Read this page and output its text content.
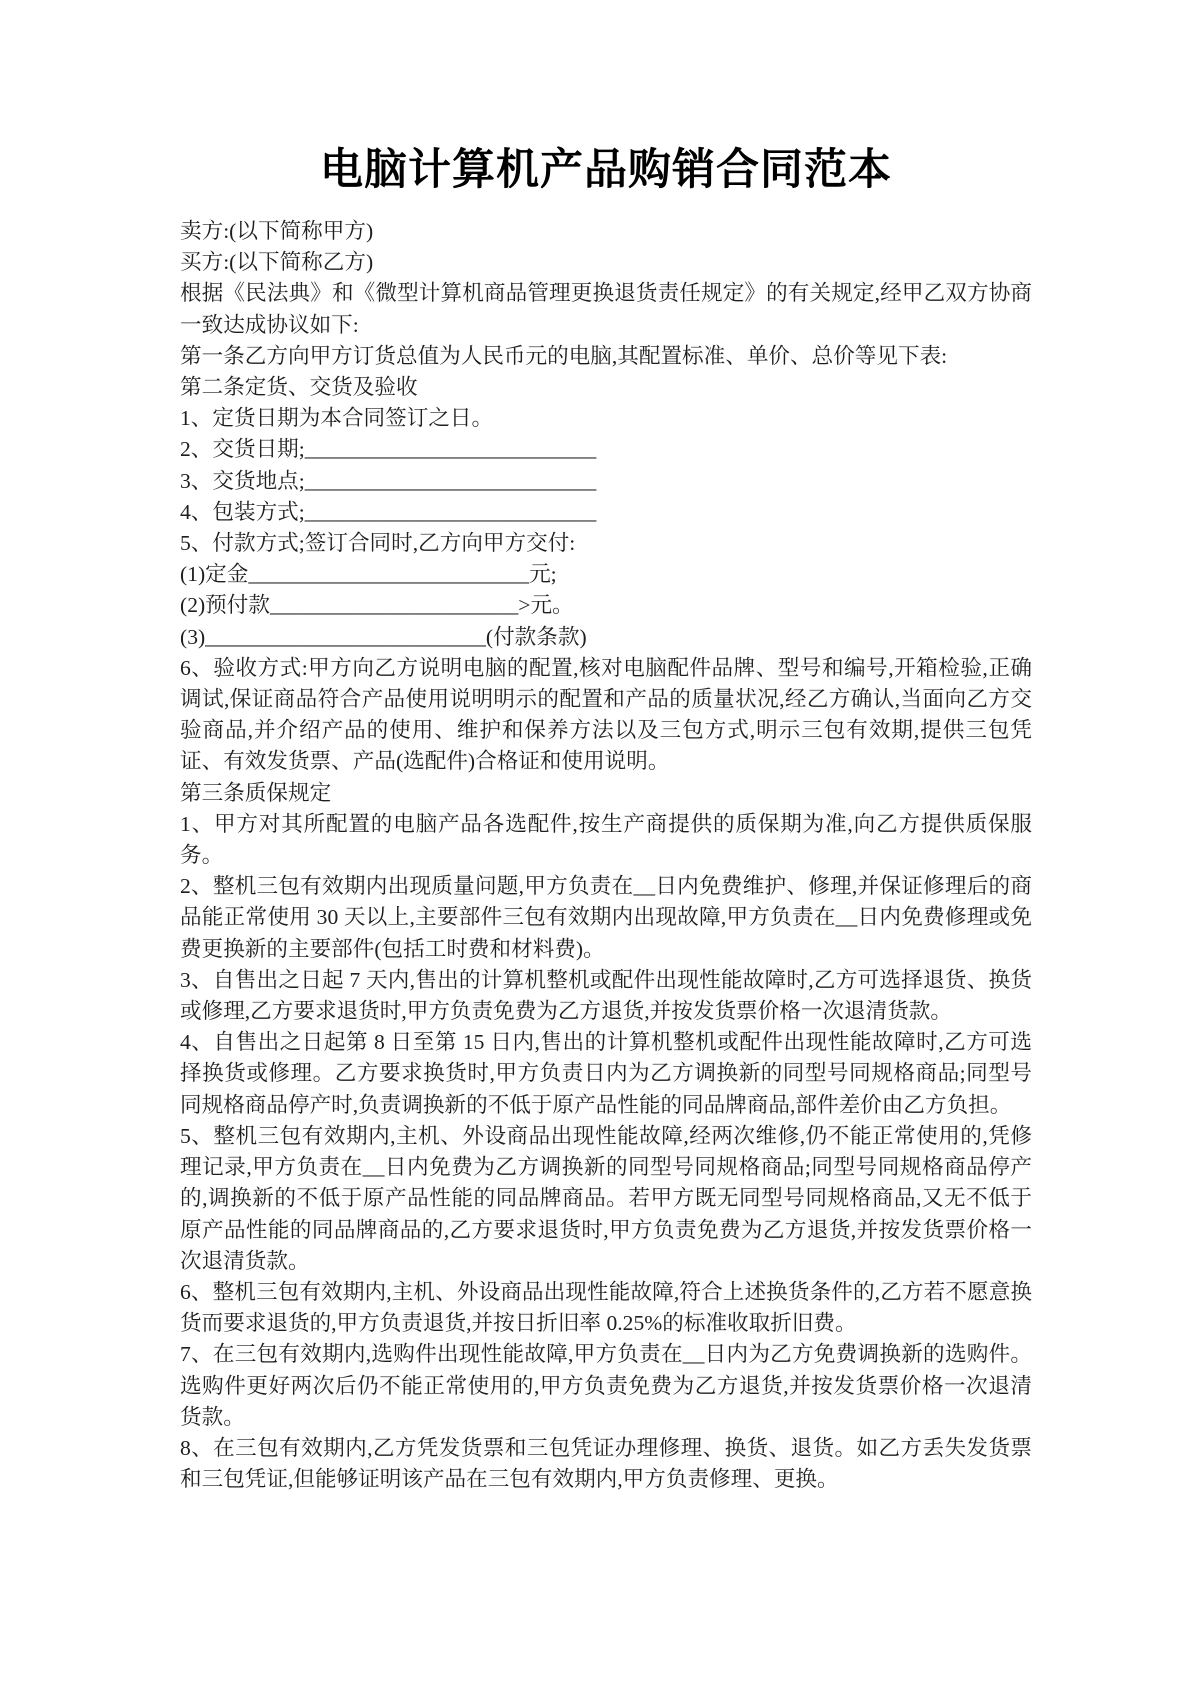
电脑计算机产品购销合同范本

卖方:(以下简称甲方)

买方:(以下简称乙方)

根据《民法典》和《微型计算机商品管理更换退货责任规定》的有关规定,经甲乙双方协商一致达成协议如下:

第一条乙方向甲方订货总值为人民币元的电脑,其配置标准、单价、总价等见下表:

第二条定货、交货及验收

1、定货日期为本合同签订之日。

2、交货日期;___________________________

3、交货地点;___________________________

4、包装方式;___________________________

5、付款方式;签订合同时,乙方向甲方交付:

(1)定金__________________________元;

(2)预付款_______________________>元。

(3)__________________________(付款条款)

6、验收方式:甲方向乙方说明电脑的配置,核对电脑配件品牌、型号和编号,开箱检验,正确调试,保证商品符合产品使用说明明示的配置和产品的质量状况,经乙方确认,当面向乙方交验商品,并介绍产品的使用、维护和保养方法以及三包方式,明示三包有效期,提供三包凭证、有效发货票、产品(选配件)合格证和使用说明。

第三条质保规定

1、甲方对其所配置的电脑产品各选配件,按生产商提供的质保期为准,向乙方提供质保服务。

2、整机三包有效期内出现质量问题,甲方负责在__日内免费维护、修理,并保证修理后的商品能正常使用 30 天以上,主要部件三包有效期内出现故障,甲方负责在__日内免费修理或免费更换新的主要部件(包括工时费和材料费)。

3、自售出之日起 7 天内,售出的计算机整机或配件出现性能故障时,乙方可选择退货、换货或修理,乙方要求退货时,甲方负责免费为乙方退货,并按发货票价格一次退清货款。

4、自售出之日起第 8 日至第 15 日内,售出的计算机整机或配件出现性能故障时,乙方可选择换货或修理。乙方要求换货时,甲方负责日内为乙方调换新的同型号同规格商品;同型号同规格商品停产时,负责调换新的不低于原产品性能的同品牌商品,部件差价由乙方负担。

5、整机三包有效期内,主机、外设商品出现性能故障,经两次维修,仍不能正常使用的,凭修理记录,甲方负责在__日内免费为乙方调换新的同型号同规格商品;同型号同规格商品停产的,调换新的不低于原产品性能的同品牌商品。若甲方既无同型号同规格商品,又无不低于原产品性能的同品牌商品的,乙方要求退货时,甲方负责免费为乙方退货,并按发货票价格一次退清货款。

6、整机三包有效期内,主机、外设商品出现性能故障,符合上述换货条件的,乙方若不愿意换货而要求退货的,甲方负责退货,并按日折旧率 0.25%的标准收取折旧费。

7、在三包有效期内,选购件出现性能故障,甲方负责在__日内为乙方免费调换新的选购件。选购件更好两次后仍不能正常使用的,甲方负责免费为乙方退货,并按发货票价格一次退清货款。

8、在三包有效期内,乙方凭发货票和三包凭证办理修理、换货、退货。如乙方丢失发货票和三包凭证,但能够证明该产品在三包有效期内,甲方负责修理、更换。
